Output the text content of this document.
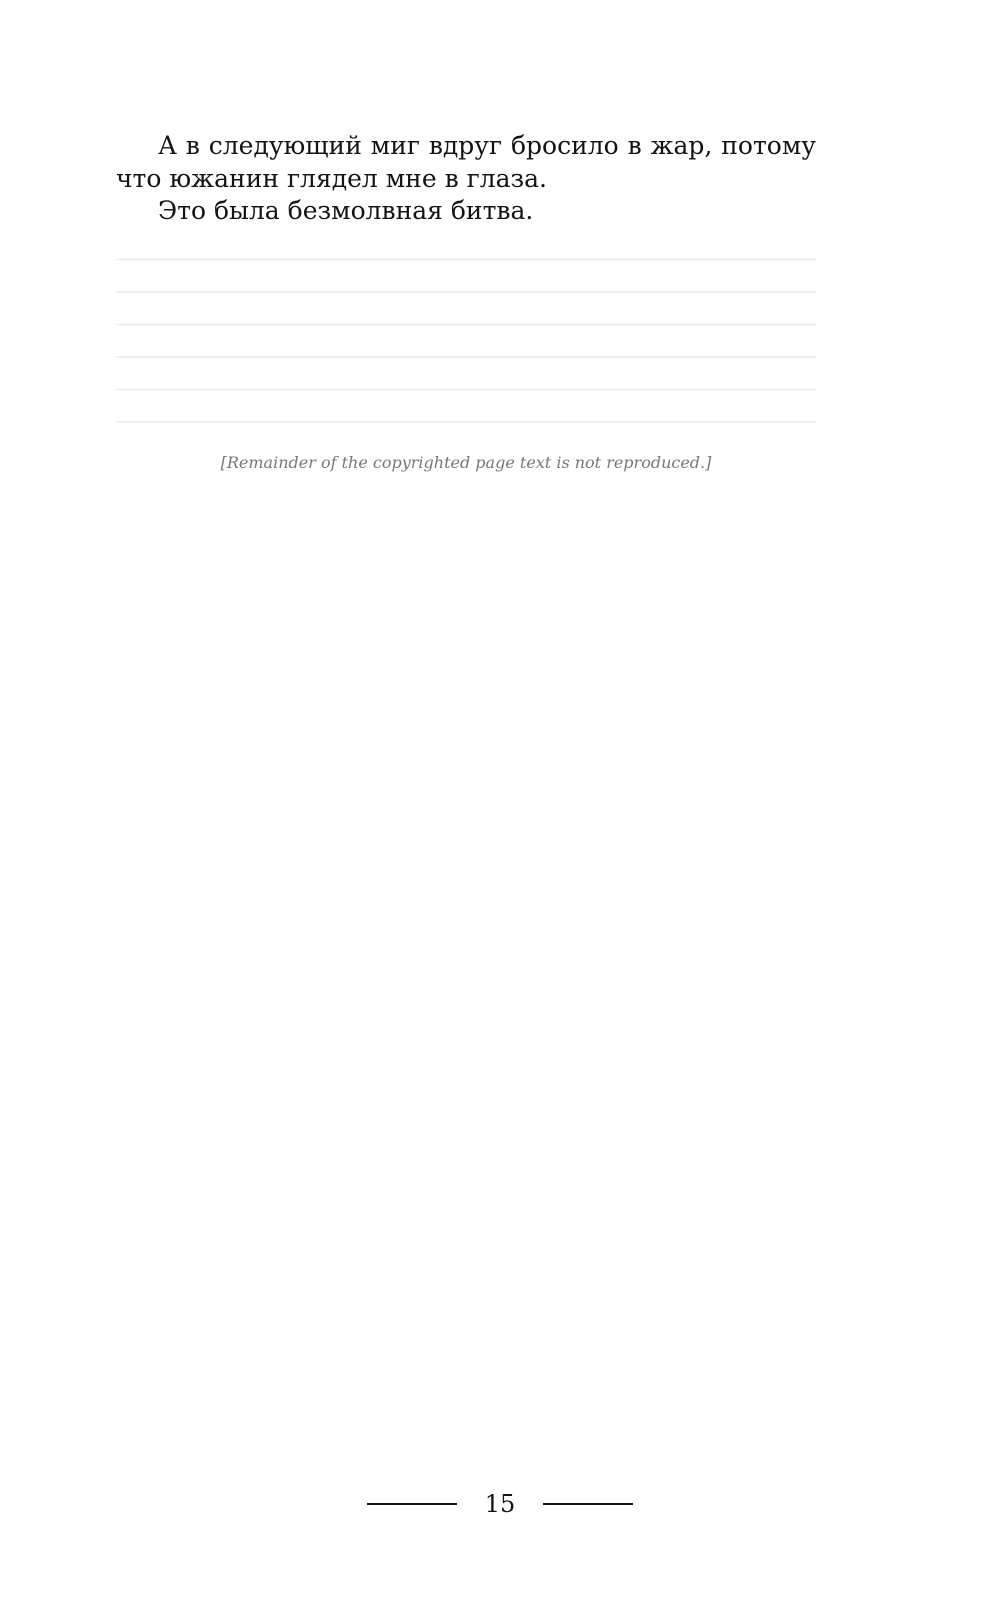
А в следующий миг вдруг бросило в жар, потому что южанин глядел мне в глаза.

Это была безмолвная битва.

[Remainder of the copyrighted page text is not reproduced.]

15
